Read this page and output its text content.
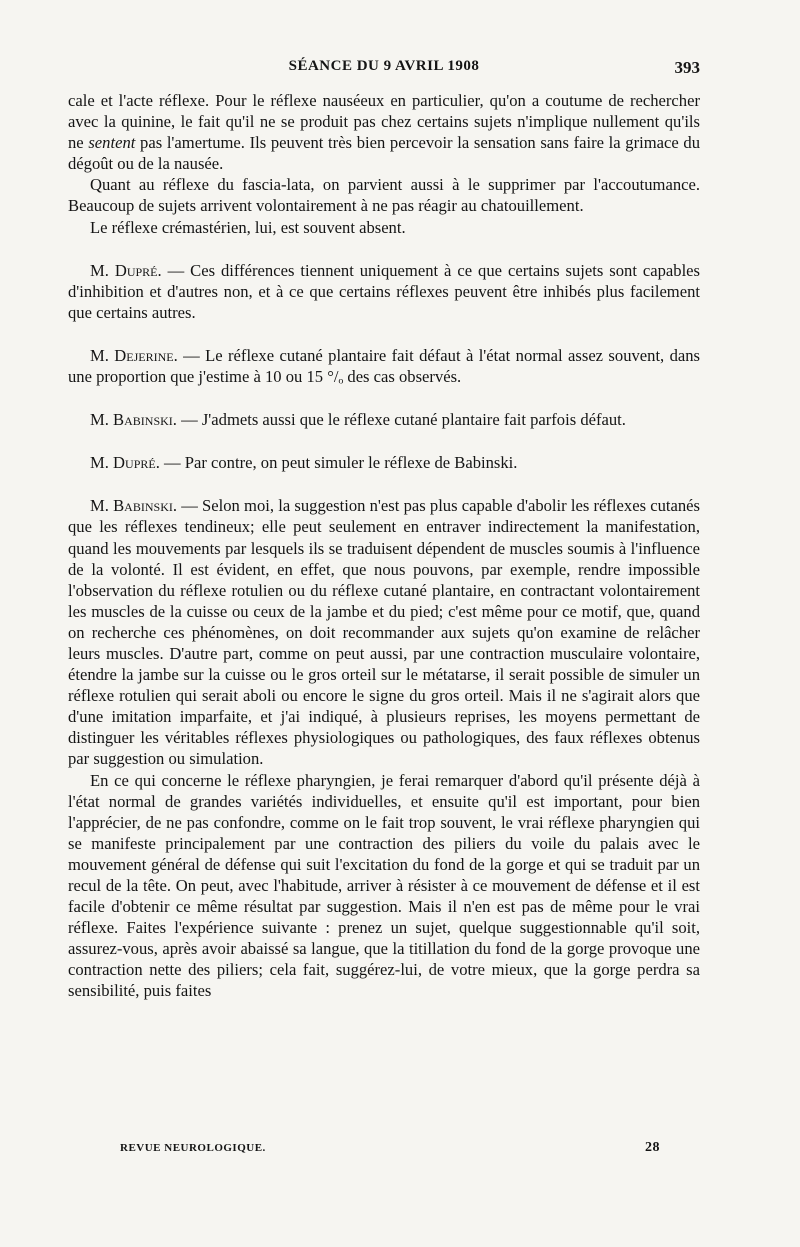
SÉANCE DU 9 AVRIL 1908	393

cale et l'acte réflexe. Pour le réflexe nauséeux en particulier, qu'on a coutume de rechercher avec la quinine, le fait qu'il ne se produit pas chez certains sujets n'implique nullement qu'ils ne sentent pas l'amertume. Ils peuvent très bien percevoir la sensation sans faire la grimace du dégoût ou de la nausée.

Quant au réflexe du fascia-lata, on parvient aussi à le supprimer par l'accoutumance. Beaucoup de sujets arrivent volontairement à ne pas réagir au chatouillement.

Le réflexe crémastérien, lui, est souvent absent.

M. Dupré. — Ces différences tiennent uniquement à ce que certains sujets sont capables d'inhibition et d'autres non, et à ce que certains réflexes peuvent être inhibés plus facilement que certains autres.

M. Dejerine. — Le réflexe cutané plantaire fait défaut à l'état normal assez souvent, dans une proportion que j'estime à 10 ou 15 °/ₒ des cas observés.

M. Babinski. — J'admets aussi que le réflexe cutané plantaire fait parfois défaut.

M. Dupré. — Par contre, on peut simuler le réflexe de Babinski.

M. Babinski. — Selon moi, la suggestion n'est pas plus capable d'abolir les réflexes cutanés que les réflexes tendineux; elle peut seulement en entraver indirectement la manifestation, quand les mouvements par lesquels ils se traduisent dépendent de muscles soumis à l'influence de la volonté. Il est évident, en effet, que nous pouvons, par exemple, rendre impossible l'observation du réflexe rotulien ou du réflexe cutané plantaire, en contractant volontairement les muscles de la cuisse ou ceux de la jambe et du pied; c'est même pour ce motif, que, quand on recherche ces phénomènes, on doit recommander aux sujets qu'on examine de relâcher leurs muscles. D'autre part, comme on peut aussi, par une contraction musculaire volontaire, étendre la jambe sur la cuisse ou le gros orteil sur le métatarse, il serait possible de simuler un réflexe rotulien qui serait aboli ou encore le signe du gros orteil. Mais il ne s'agirait alors que d'une imitation imparfaite, et j'ai indiqué, à plusieurs reprises, les moyens permettant de distinguer les véritables réflexes physiologiques ou pathologiques, des faux réflexes obtenus par suggestion ou simulation.

En ce qui concerne le réflexe pharyngien, je ferai remarquer d'abord qu'il présente déjà à l'état normal de grandes variétés individuelles, et ensuite qu'il est important, pour bien l'apprécier, de ne pas confondre, comme on le fait trop souvent, le vrai réflexe pharyngien qui se manifeste principalement par une contraction des piliers du voile du palais avec le mouvement général de défense qui suit l'excitation du fond de la gorge et qui se traduit par un recul de la tête. On peut, avec l'habitude, arriver à résister à ce mouvement de défense et il est facile d'obtenir ce même résultat par suggestion. Mais il n'en est pas de même pour le vrai réflexe. Faites l'expérience suivante : prenez un sujet, quelque suggestionnable qu'il soit, assurez-vous, après avoir abaissé sa langue, que la titillation du fond de la gorge provoque une contraction nette des piliers; cela fait, suggérez-lui, de votre mieux, que la gorge perdra sa sensibilité, puis faites

REVUE NEUROLOGIQUE.	28
